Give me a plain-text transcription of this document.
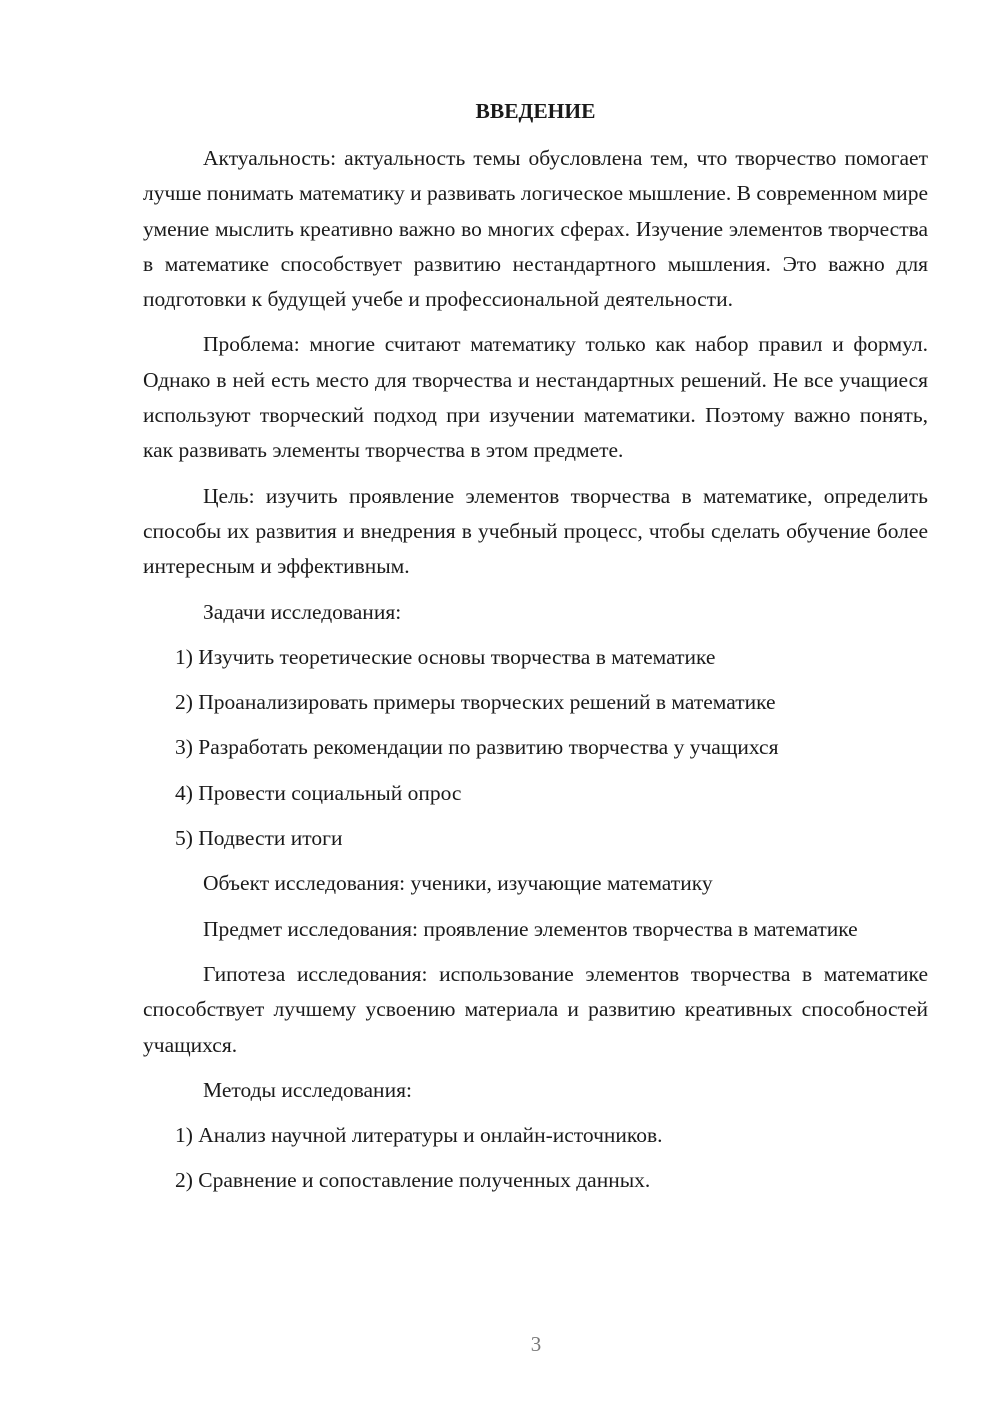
ВВЕДЕНИЕ
Актуальность: актуальность темы обусловлена тем, что творчество помогает лучше понимать математику и развивать логическое мышление. В современном мире умение мыслить креативно важно во многих сферах. Изучение элементов творчества в математике способствует развитию нестандартного мышления. Это важно для подготовки к будущей учебе и профессиональной деятельности.
Проблема: многие считают математику только как набор правил и формул. Однако в ней есть место для творчества и нестандартных решений. Не все учащиеся используют творческий подход при изучении математики. Поэтому важно понять, как развивать элементы творчества в этом предмете.
Цель: изучить проявление элементов творчества в математике, определить способы их развития и внедрения в учебный процесс, чтобы сделать обучение более интересным и эффективным.
Задачи исследования:
1) Изучить теоретические основы творчества в математике
2) Проанализировать примеры творческих решений в математике
3) Разработать рекомендации по развитию творчества у учащихся
4) Провести социальный опрос
5) Подвести итоги
Объект исследования: ученики, изучающие математику
Предмет исследования: проявление элементов творчества в математике
Гипотеза исследования: использование элементов творчества в математике способствует лучшему усвоению материала и развитию креативных способностей учащихся.
Методы исследования:
1) Анализ научной литературы и онлайн-источников.
2) Сравнение и сопоставление полученных данных.
3
